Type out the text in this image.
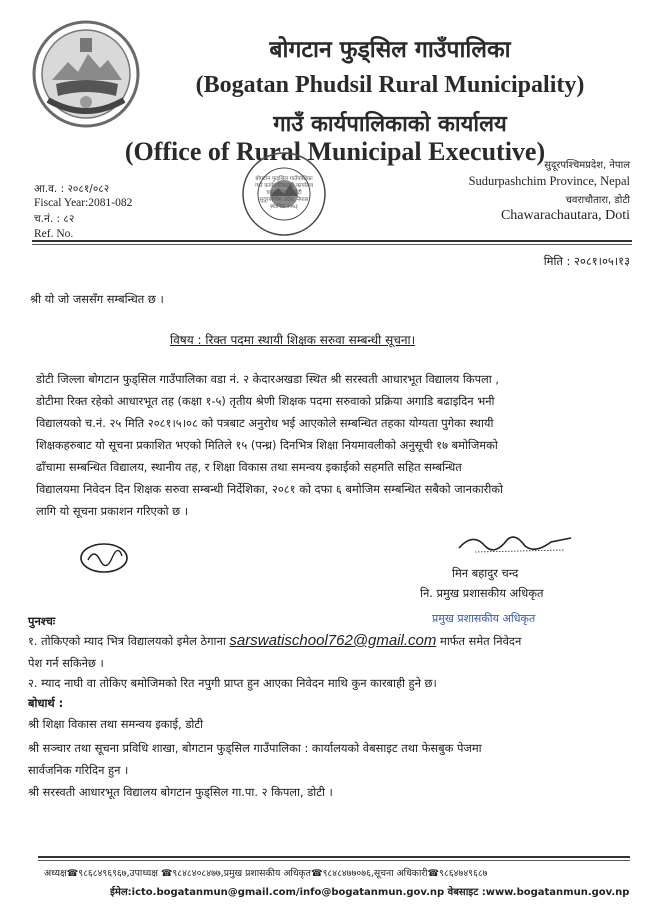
बोगटान फुड्सिल गाउँपालिका
(Bogatan Phudsil Rural Municipality)
गाउँ कार्यपालिकाको कार्यालय
(Office of Rural Municipal Executive)
आ.व. : २०८१/०८२
Fiscal Year:2081-082
च.नं. : ८२
Ref. No.
सुदूरपश्चिमप्रदेश, नेपाल
Sudurpashchim Province, Nepal
चवराचौतारा, डोटी
Chawarachautara, Doti
बोगटान फुड्सिल गाउँपालिका
गाउँ कार्यपालिकाको कार्यालय
चवराचौतारा, डोटी
सुदूरपश्चिम प्रदेश, नेपाल
स्थापित २०७३
मिति : २०८१।०५।१३
श्री यो जो जससँग सम्बन्धित छ ।
विषय : रिक्त पदमा स्थायी शिक्षक सरुवा सम्बन्धी सूचना।
डोटी जिल्ला बोगटान फुड्सिल गाउँपालिका वडा नं. २ केदारअखडा स्थित श्री सरस्वती आधारभूत विद्यालय किपला ,
डोटीमा रिक्त रहेको आधारभूत तह (कक्षा १-५) तृतीय श्रेणी शिक्षक पदमा सरुवाको प्रक्रिया अगाडि बढाइदिन भनी
विद्यालयको च.नं. २५ मिति २०८१।५।०८ को पत्रबाट अनुरोध भई आएकोले सम्बन्धित तहका योग्यता पुगेका स्थायी
शिक्षकहरुबाट यो सूचना प्रकाशित भएको मितिले १५ (पन्ध्र) दिनभित्र शिक्षा नियमावलीको अनुसूची १७ बमोजिमको
ढाँचामा सम्बन्धित विद्यालय, स्थानीय तह, र शिक्षा विकास तथा समन्वय इकाईको सहमति सहित सम्बन्धित
विद्यालयमा निवेदन दिन शिक्षक सरुवा सम्बन्धी निर्देशिका, २०८१ को दफा ६ बमोजिम सम्बन्धित सबैको जानकारीको
लागि यो सूचना प्रकाशन गरिएको छ ।
मिन बहादुर चन्द
नि. प्रमुख प्रशासकीय अधिकृत
प्रमुख प्रशासकीय अधिकृत
पुनश्चः
१. तोकिएको म्याद भित्र विद्यालयको इमेल ठेगाना sarswatischool762@gmail.com मार्फत समेत निवेदन
पेश गर्न सकिनेछ ।
२. म्याद नाघी वा तोकिए बमोजिमको रित नपुगी प्राप्त हुन आएका निवेदन माथि कुन कारबाही हुने छ।
बोधार्थ :
श्री शिक्षा विकास तथा समन्वय इकाई, डोटी
श्री सञ्चार तथा सूचना प्रविधि शाखा, बोगटान फुड्सिल गाउँपालिका : कार्यालयको वेबसाइट तथा फेसबुक पेजमा
सार्वजनिक गरिदिन हुन ।
श्री सरस्वती आधारभूत विद्यालय बोगटान फुड्सिल गा.पा. २ किपला, डोटी ।
अध्यक्ष☎९८६८४९६९६७,उपाध्यक्ष ☎९८४८४०८४७७,प्रमुख प्रशासकीय अधिकृत☎९८४८४७७०७६,सूचना अधिकारी☎९८६४७४९६८७
ईमेल:icto.bogatanmun@gmail.com/info@bogatanmun.gov.np वेबसाइट :www.bogatanmun.gov.np
